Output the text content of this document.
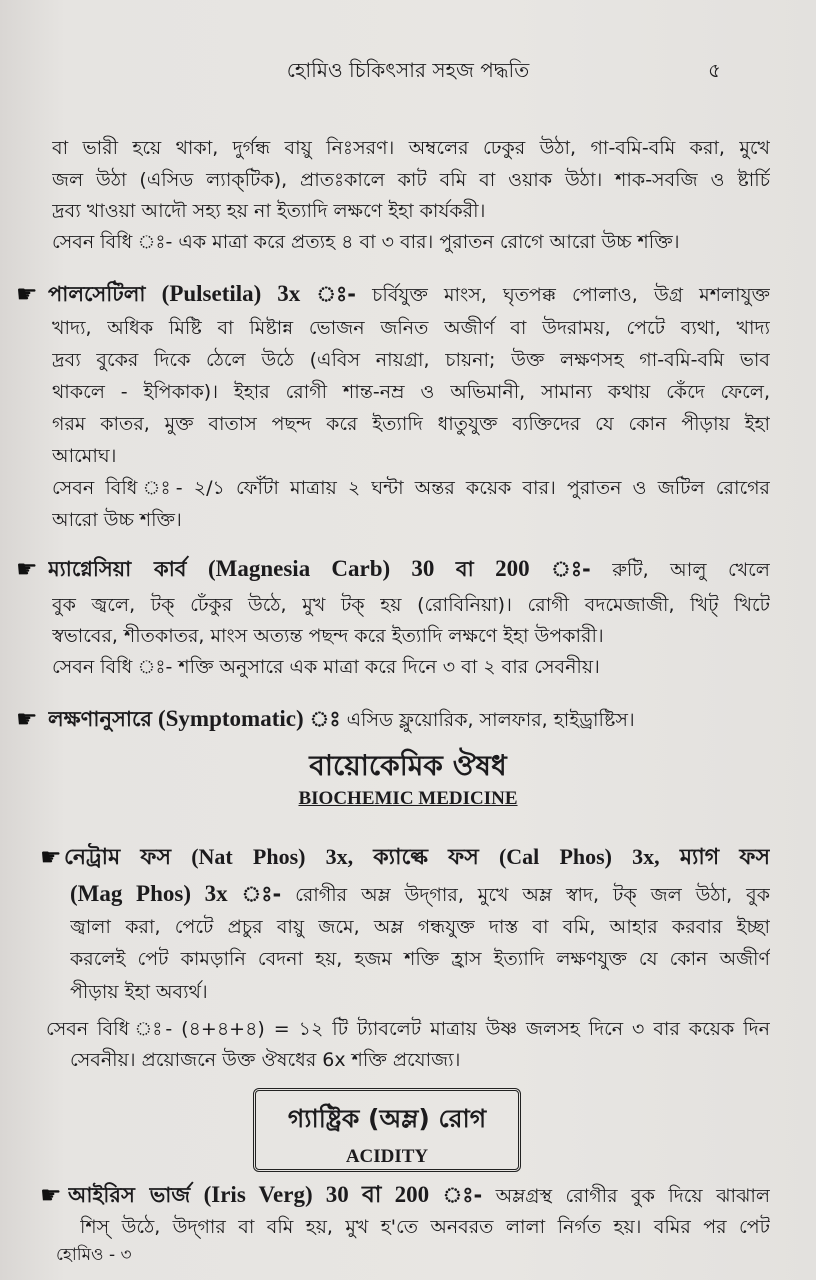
হোমিও চিকিৎসার সহজ পদ্ধতি	৫
বা ভারী হয়ে থাকা, দুর্গন্ধ বায়ু নিঃসরণ। অম্বলের ঢেকুর উঠা, গা-বমি-বমি করা, মুখে
জল উঠা (এসিড ল্যাক্‌টিক), প্রাতঃকালে কাট বমি বা ওয়াক উঠা। শাক-সবজি ও ষ্টার্চি
দ্রব্য খাওয়া আদৌ সহ্য হয় না ইত্যাদি লক্ষণে ইহা কার্যকরী।
সেবন বিধি ঃ- এক মাত্রা করে প্রত্যহ ৪ বা ৩ বার। পুরাতন রোগে আরো উচ্চ শক্তি।
☛ পালসেটিলা (Pulsetila) 3x ঃ- চর্বিযুক্ত মাংস, ঘৃতপক্ক পোলাও, উগ্র মশলাযুক্ত
খাদ্য, অধিক মিষ্টি বা মিষ্টান্ন ভোজন জনিত অজীর্ণ বা উদরাময়, পেটে ব্যথা, খাদ্য
দ্রব্য বুকের দিকে ঠেলে উঠে (এবিস নায়গ্রা, চায়না; উক্ত লক্ষণসহ গা-বমি-বমি ভাব
থাকলে - ইপিকাক)। ইহার রোগী শান্ত-নম্র ও অভিমানী, সামান্য কথায় কেঁদে ফেলে,
গরম কাতর, মুক্ত বাতাস পছন্দ করে ইত্যাদি ধাতুযুক্ত ব্যক্তিদের যে কোন পীড়ায় ইহা
আমোঘ।
সেবন বিধি ঃ- ২/১ ফোঁটা মাত্রায় ২ ঘন্টা অন্তর কয়েক বার। পুরাতন ও জটিল রোগের
আরো উচ্চ শক্তি।
☛ ম্যাগ্নেসিয়া কার্ব (Magnesia Carb) 30 বা 200 ঃ- রুটি, আলু খেলে
বুক জ্বলে, টক্ ঢেঁকুর উঠে, মুখ টক্ হয় (রোবিনিয়া)। রোগী বদমেজাজী, খিট্ খিটে
স্বভাবের, শীতকাতর, মাংস অত্যন্ত পছন্দ করে ইত্যাদি লক্ষণে ইহা উপকারী।
সেবন বিধি ঃ- শক্তি অনুসারে এক মাত্রা করে দিনে ৩ বা ২ বার সেবনীয়।
☛ লক্ষণানুসারে (Symptomatic) ঃ এসিড ফ্লুয়োরিক, সালফার, হাইড্রাষ্টিস।
বায়োকেমিক ঔষধ
BIOCHEMIC MEDICINE
☛ নেট্রাম ফস (Nat Phos) 3x, ক্যাল্কে ফস (Cal Phos) 3x, ম্যাগ ফস
(Mag Phos) 3x ঃ- রোগীর অম্ল উদ্‌গার, মুখে অম্ল স্বাদ, টক্ জল উঠা, বুক
জ্বালা করা, পেটে প্রচুর বায়ু জমে, অম্ল গন্ধযুক্ত দাস্ত বা বমি, আহার করবার ইচ্ছা
করলেই পেট কামড়ানি বেদনা হয়, হজম শক্তি হ্রাস ইত্যাদি লক্ষণযুক্ত যে কোন অজীর্ণ
পীড়ায় ইহা অব্যর্থ।
সেবন বিধি ঃ- (৪+৪+৪) = ১২ টি ট্যাবলেট মাত্রায় উষ্ণ জলসহ দিনে ৩ বার কয়েক দিন
সেবনীয়। প্রয়োজনে উক্ত ঔষধের 6x শক্তি প্রযোজ্য।
গ্যাষ্ট্রিক (অম্ল) রোগ
ACIDITY
☛ আইরিস ভার্জ (Iris Verg) 30 বা 200 ঃ- অম্লগ্রস্থ রোগীর বুক দিয়ে ঝাঝাল
শিস্ উঠে, উদ্‌গার বা বমি হয়, মুখ হ'তে অনবরত লালা নির্গত হয়। বমির পর পেট
হোমিও - ৩
